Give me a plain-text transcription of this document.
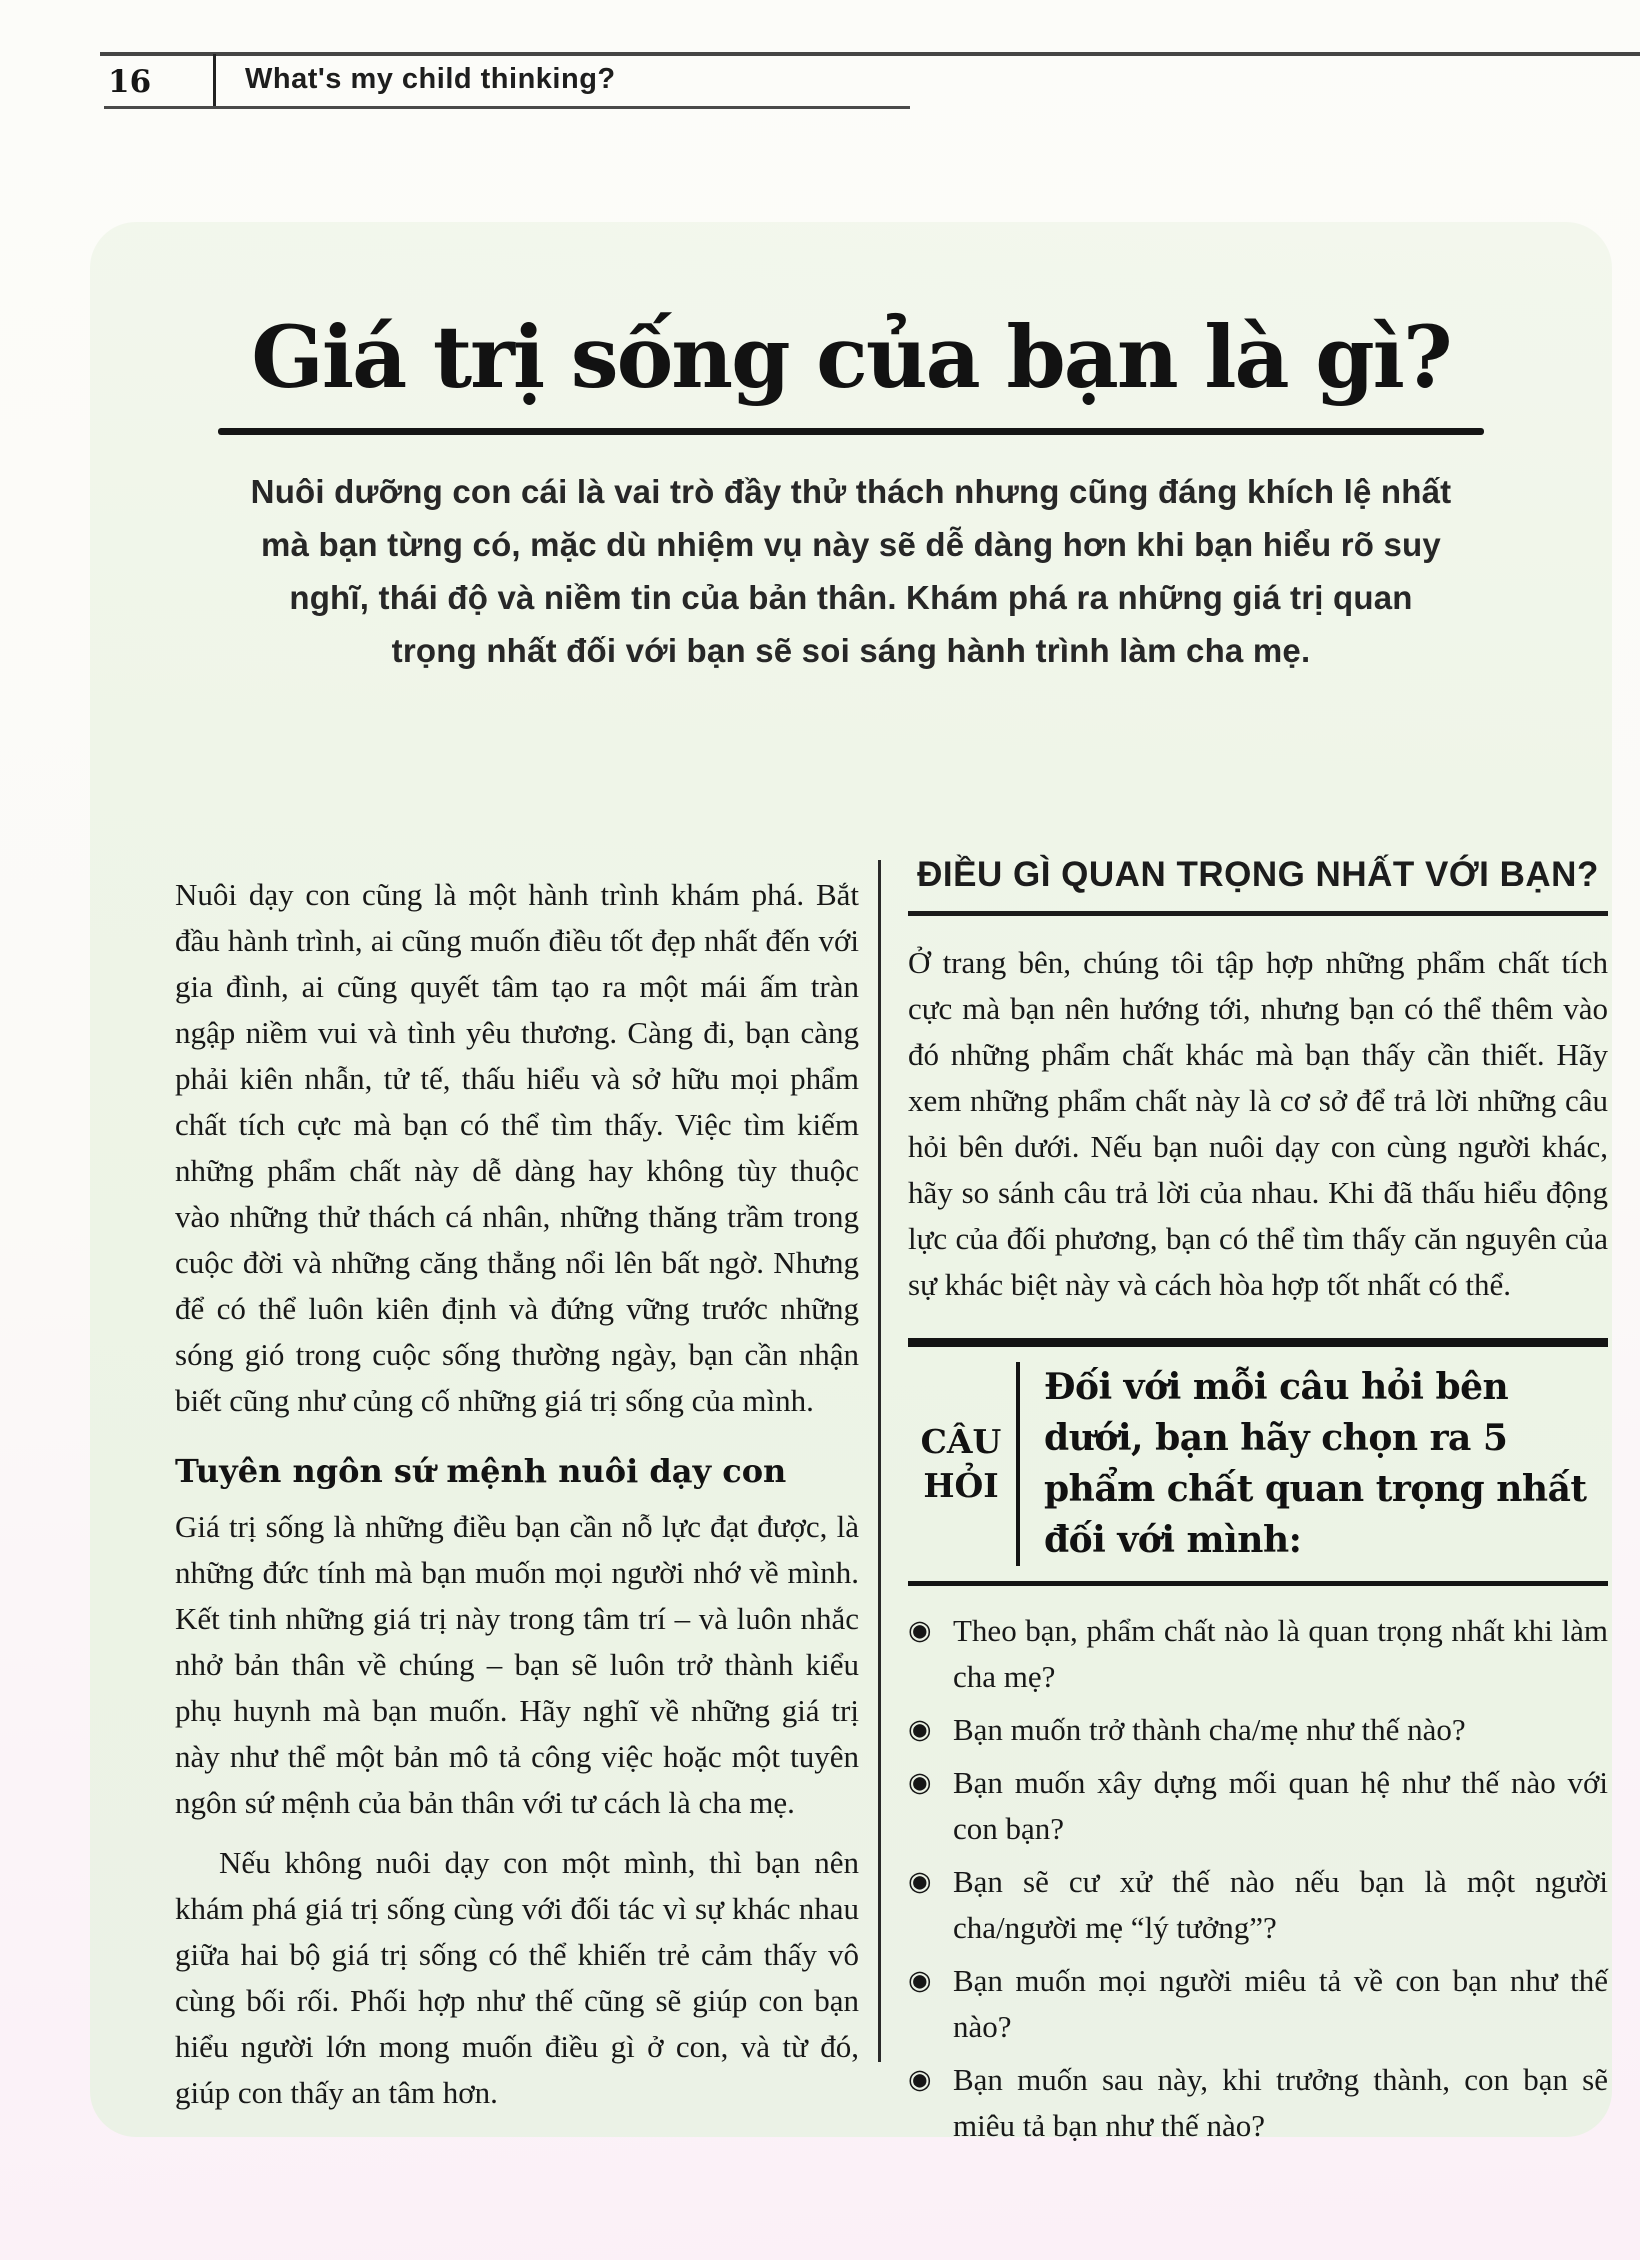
16	What's my child thinking?
Giá trị sống của bạn là gì?

Nuôi dưỡng con cái là vai trò đầy thử thách nhưng cũng đáng khích lệ nhất mà bạn từng có, mặc dù nhiệm vụ này sẽ dễ dàng hơn khi bạn hiểu rõ suy nghĩ, thái độ và niềm tin của bản thân. Khám phá ra những giá trị quan trọng nhất đối với bạn sẽ soi sáng hành trình làm cha mẹ.

Nuôi dạy con cũng là một hành trình khám phá. Bắt đầu hành trình, ai cũng muốn điều tốt đẹp nhất đến với gia đình, ai cũng quyết tâm tạo ra một mái ấm tràn ngập niềm vui và tình yêu thương. Càng đi, bạn càng phải kiên nhẫn, tử tế, thấu hiểu và sở hữu mọi phẩm chất tích cực mà bạn có thể tìm thấy. Việc tìm kiếm những phẩm chất này dễ dàng hay không tùy thuộc vào những thử thách cá nhân, những thăng trầm trong cuộc đời và những căng thẳng nổi lên bất ngờ. Nhưng để có thể luôn kiên định và đứng vững trước những sóng gió trong cuộc sống thường ngày, bạn cần nhận biết cũng như củng cố những giá trị sống của mình.

Tuyên ngôn sứ mệnh nuôi dạy con

Giá trị sống là những điều bạn cần nỗ lực đạt được, là những đức tính mà bạn muốn mọi người nhớ về mình. Kết tinh những giá trị này trong tâm trí – và luôn nhắc nhở bản thân về chúng – bạn sẽ luôn trở thành kiểu phụ huynh mà bạn muốn. Hãy nghĩ về những giá trị này như thể một bản mô tả công việc hoặc một tuyên ngôn sứ mệnh của bản thân với tư cách là cha mẹ.

Nếu không nuôi dạy con một mình, thì bạn nên khám phá giá trị sống cùng với đối tác vì sự khác nhau giữa hai bộ giá trị sống có thể khiến trẻ cảm thấy vô cùng bối rối. Phối hợp như thế cũng sẽ giúp con bạn hiểu người lớn mong muốn điều gì ở con, và từ đó, giúp con thấy an tâm hơn.

ĐIỀU GÌ QUAN TRỌNG NHẤT VỚI BẠN?

Ở trang bên, chúng tôi tập hợp những phẩm chất tích cực mà bạn nên hướng tới, nhưng bạn có thể thêm vào đó những phẩm chất khác mà bạn thấy cần thiết. Hãy xem những phẩm chất này là cơ sở để trả lời những câu hỏi bên dưới. Nếu bạn nuôi dạy con cùng người khác, hãy so sánh câu trả lời của nhau. Khi đã thấu hiểu động lực của đối phương, bạn có thể tìm thấy căn nguyên của sự khác biệt này và cách hòa hợp tốt nhất có thể.

CÂU
HỎI
Đối với mỗi câu hỏi bên dưới, bạn hãy chọn ra 5 phẩm chất quan trọng nhất đối với mình:
◉ Theo bạn, phẩm chất nào là quan trọng nhất khi làm cha mẹ?
◉ Bạn muốn trở thành cha/mẹ như thế nào?
◉ Bạn muốn xây dựng mối quan hệ như thế nào với con bạn?
◉ Bạn sẽ cư xử thế nào nếu bạn là một người cha/người mẹ “lý tưởng”?
◉ Bạn muốn mọi người miêu tả về con bạn như thế nào?
◉ Bạn muốn sau này, khi trưởng thành, con bạn sẽ miêu tả bạn như thế nào?
